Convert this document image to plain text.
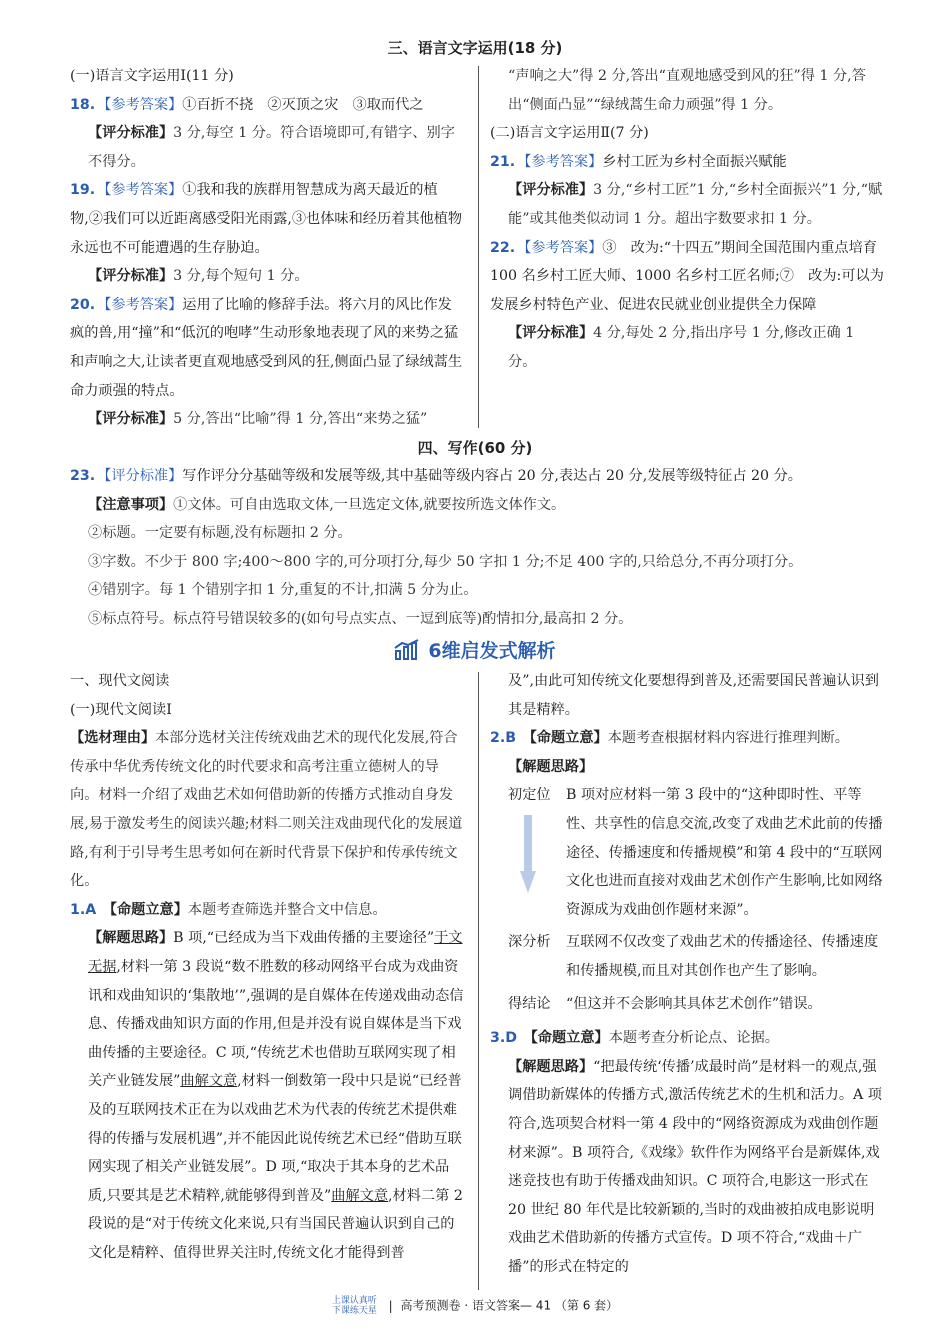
三、语言文字运用(18 分)

(一)语言文字运用Ⅰ(11 分)

18. 【参考答案】①百折不挠　②灭顶之灾　③取而代之

【评分标准】3 分,每空 1 分。符合语境即可,有错字、别字不得分。

19. 【参考答案】①我和我的族群用智慧成为离天最近的植物,②我们可以近距离感受阳光雨露,③也体味和经历着其他植物永远也不可能遭遇的生存胁迫。

【评分标准】3 分,每个短句 1 分。

20. 【参考答案】运用了比喻的修辞手法。将六月的风比作发疯的兽,用“撞”和“低沉的咆哮”生动形象地表现了风的来势之猛和声响之大,让读者更直观地感受到风的狂,侧面凸显了绿绒蒿生命力顽强的特点。

【评分标准】5 分,答出“比喻”得 1 分,答出“来势之猛”

“声响之大”得 2 分,答出“直观地感受到风的狂”得 1 分,答出“侧面凸显”“绿绒蒿生命力顽强”得 1 分。

(二)语言文字运用Ⅱ(7 分)

21. 【参考答案】乡村工匠为乡村全面振兴赋能

【评分标准】3 分,“乡村工匠”1 分,“乡村全面振兴”1 分,“赋能”或其他类似动词 1 分。超出字数要求扣 1 分。

22. 【参考答案】③　改为:“十四五”期间全国范围内重点培育 100 名乡村工匠大师、1000 名乡村工匠名师;⑦　改为:可以为发展乡村特色产业、促进农民就业创业提供全力保障

【评分标准】4 分,每处 2 分,指出序号 1 分,修改正确 1 分。

四、写作(60 分)

23. 【评分标准】写作评分分基础等级和发展等级,其中基础等级内容占 20 分,表达占 20 分,发展等级特征占 20 分。

【注意事项】①文体。可自由选取文体,一旦选定文体,就要按所选文体作文。

②标题。一定要有标题,没有标题扣 2 分。

③字数。不少于 800 字;400～800 字的,可分项打分,每少 50 字扣 1 分;不足 400 字的,只给总分,不再分项打分。

④错别字。每 1 个错别字扣 1 分,重复的不计,扣满 5 分为止。

⑤标点符号。标点符号错误较多的(如句号点实点、一逗到底等)酌情扣分,最高扣 2 分。

6维启发式解析

一、现代文阅读

(一)现代文阅读Ⅰ

【选材理由】本部分选材关注传统戏曲艺术的现代化发展,符合传承中华优秀传统文化的时代要求和高考注重立德树人的导向。材料一介绍了戏曲艺术如何借助新的传播方式推动自身发展,易于激发考生的阅读兴趣;材料二则关注戏曲现代化的发展道路,有利于引导考生思考如何在新时代背景下保护和传承传统文化。

1.A 【命题立意】本题考查筛选并整合文中信息。

【解题思路】B 项,“已经成为当下戏曲传播的主要途径”于文无据,材料一第 3 段说“数不胜数的移动网络平台成为戏曲资讯和戏曲知识的‘集散地’”,强调的是自媒体在传递戏曲动态信息、传播戏曲知识方面的作用,但是并没有说自媒体是当下戏曲传播的主要途径。C 项,“传统艺术也借助互联网实现了相关产业链发展”曲解文意,材料一倒数第一段中只是说“已经普及的互联网技术正在为以戏曲艺术为代表的传统艺术提供难得的传播与发展机遇”,并不能因此说传统艺术已经“借助互联网实现了相关产业链发展”。D 项,“取决于其本身的艺术品质,只要其是艺术精粹,就能够得到普及”曲解文意,材料二第 2 段说的是“对于传统文化来说,只有当国民普遍认识到自己的文化是精粹、值得世界关注时,传统文化才能得到普

及”,由此可知传统文化要想得到普及,还需要国民普遍认识到其是精粹。

2.B 【命题立意】本题考查根据材料内容进行推理判断。

【解题思路】

初定位	B 项对应材料一第 3 段中的“这种即时性、平等性、共享性的信息交流,改变了戏曲艺术此前的传播途径、传播速度和传播规模”和第 4 段中的“互联网文化也进而直接对戏曲艺术创作产生影响,比如网络资源成为戏曲创作题材来源”。
深分析	互联网不仅改变了戏曲艺术的传播途径、传播速度和传播规模,而且对其创作也产生了影响。
得结论	“但这并不会影响其具体艺术创作”错误。

3.D 【命题立意】本题考查分析论点、论据。

【解题思路】“把最传统‘传播’成最时尚”是材料一的观点,强调借助新媒体的传播方式,激活传统艺术的生机和活力。A 项符合,选项契合材料一第 4 段中的“网络资源成为戏曲创作题材来源”。B 项符合,《戏缘》软件作为网络平台是新媒体,戏迷竞技也有助于传播戏曲知识。C 项符合,电影这一形式在 20 世纪 80 年代是比较新颖的,当时的戏曲被拍成电影说明戏曲艺术借助新的传播方式宣传。D 项不符合,“戏曲＋广播”的形式在特定的

上课认真听
下课练天星 | 高考预测卷 · 语文答案— 41 （第 6 套）
